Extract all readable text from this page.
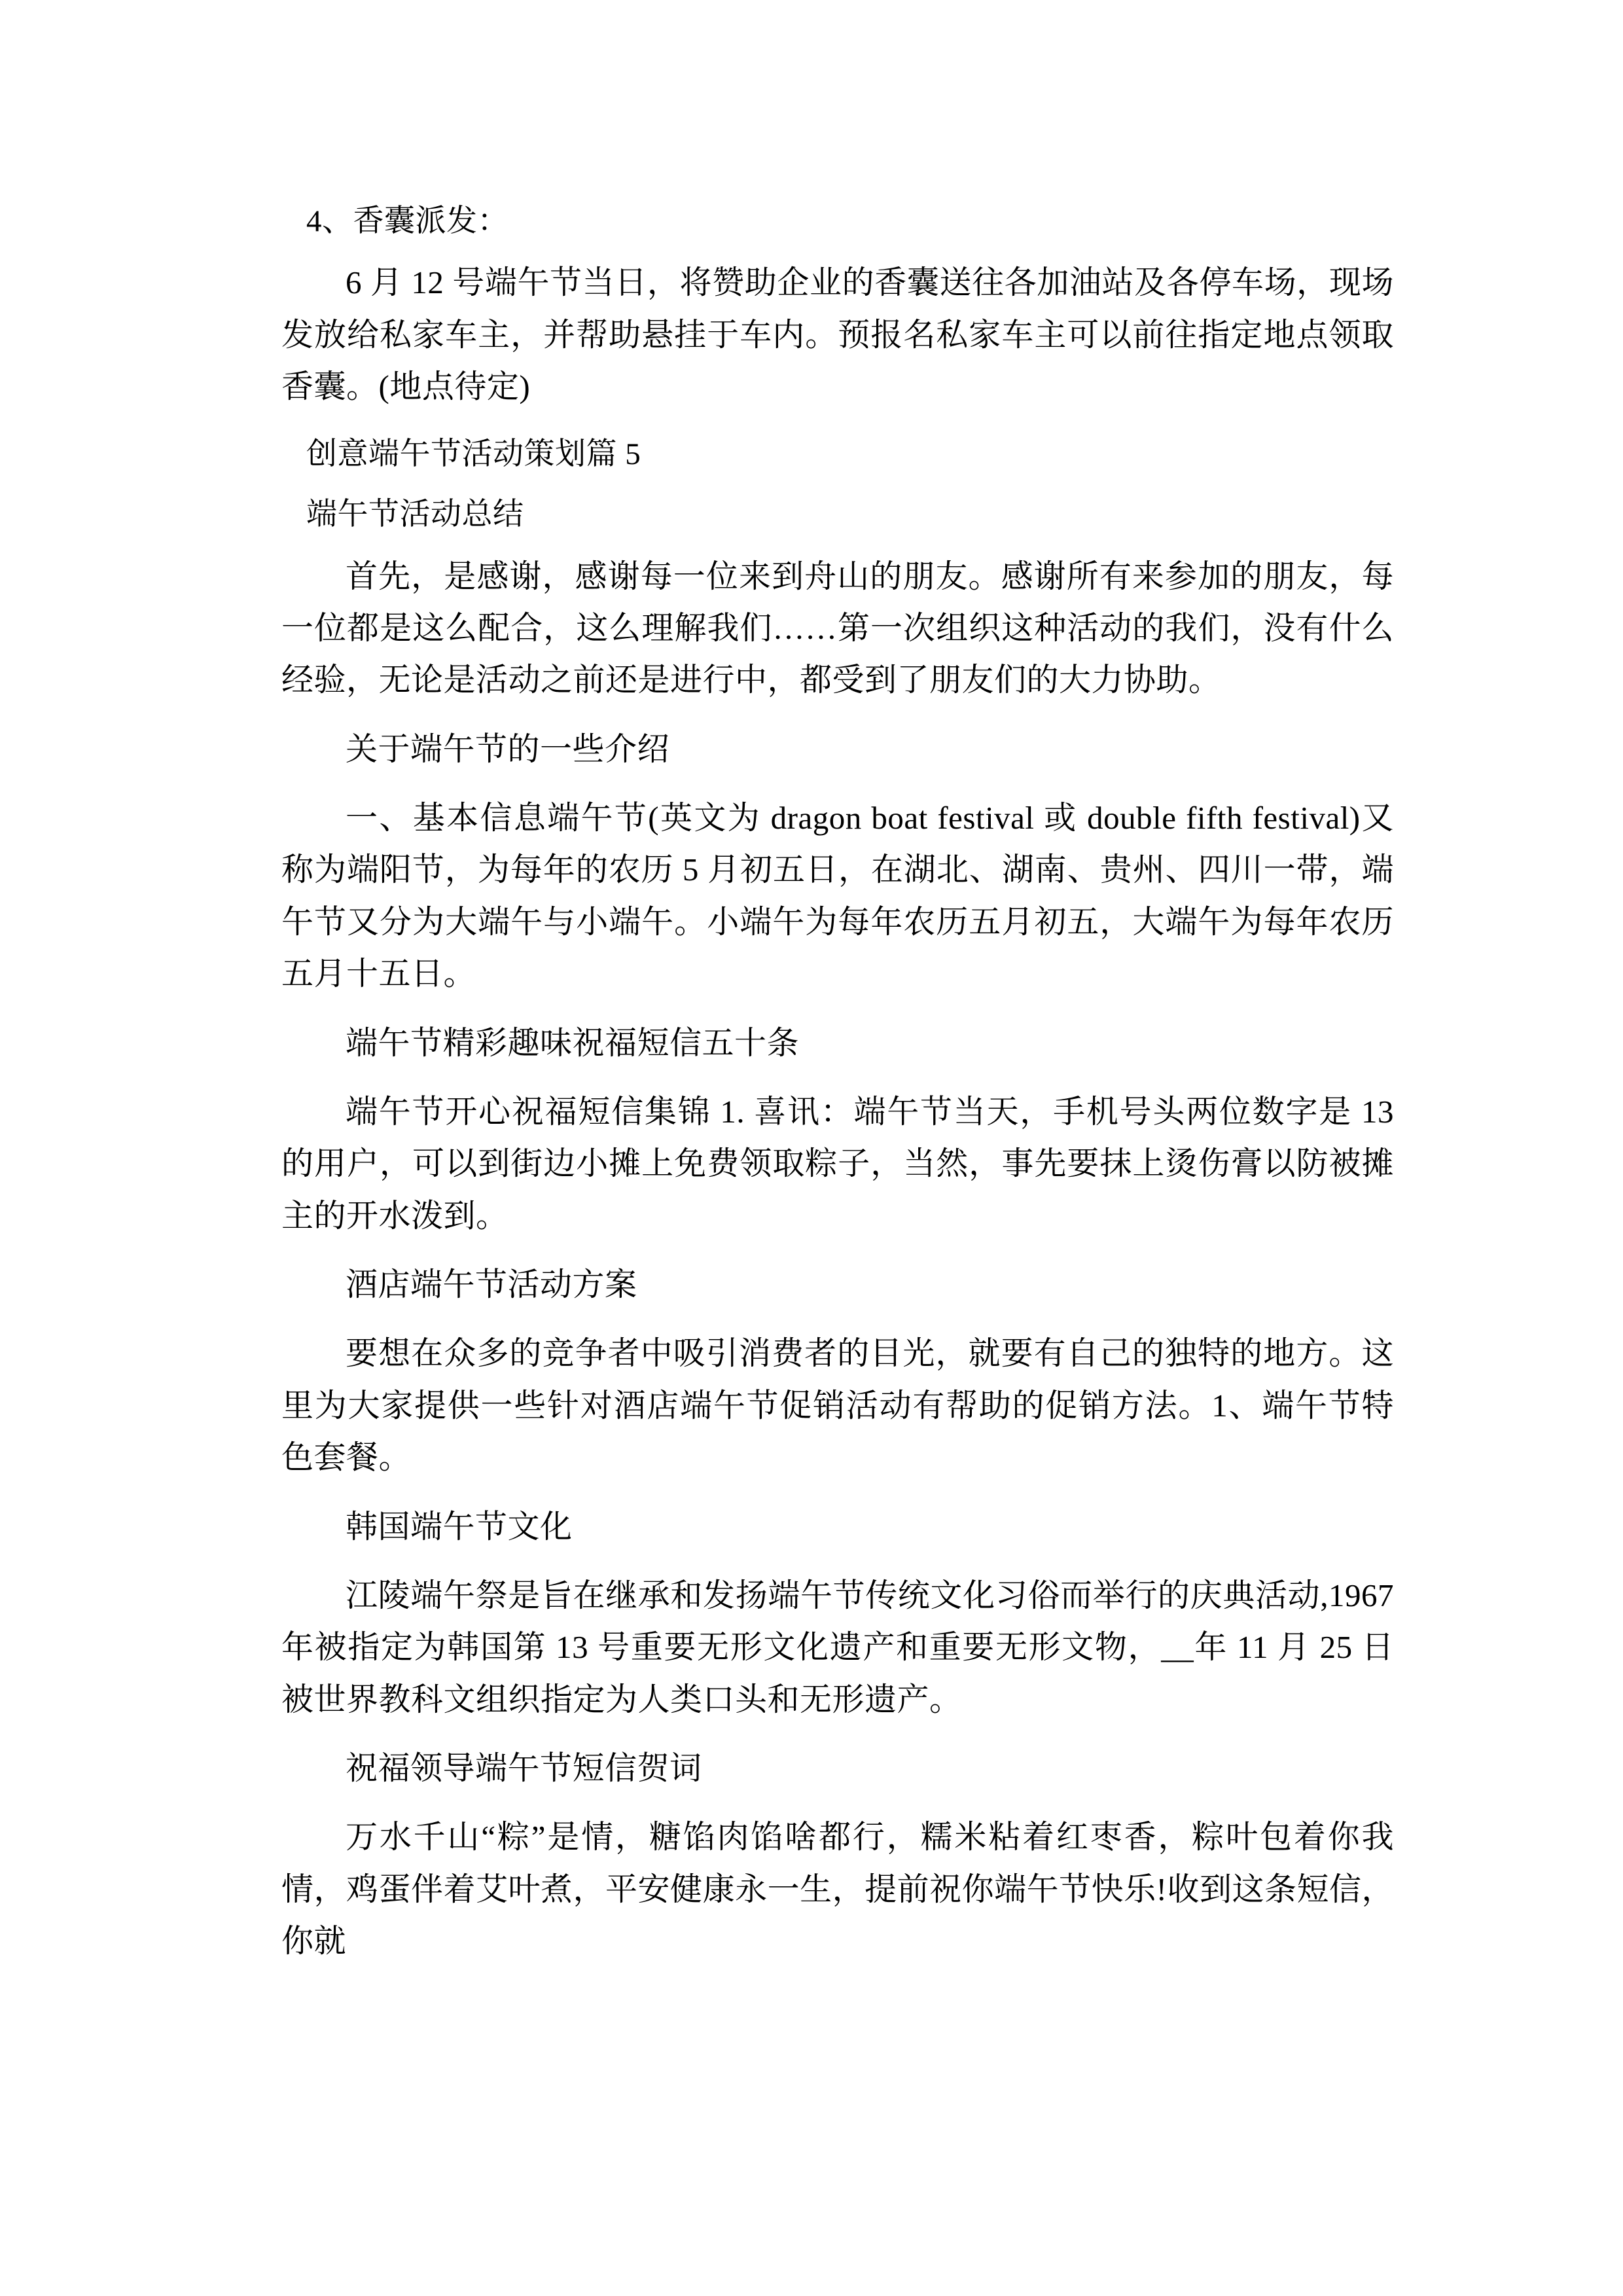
4、香囊派发：

6 月 12 号端午节当日，将赞助企业的香囊送往各加油站及各停车场，现场发放给私家车主，并帮助悬挂于车内。预报名私家车主可以前往指定地点领取香囊。(地点待定)

创意端午节活动策划篇 5

端午节活动总结

首先，是感谢，感谢每一位来到舟山的朋友。感谢所有来参加的朋友，每一位都是这么配合，这么理解我们……第一次组织这种活动的我们，没有什么经验，无论是活动之前还是进行中，都受到了朋友们的大力协助。

关于端午节的一些介绍

一、基本信息端午节(英文为 dragon boat festival 或 double fifth festival)又称为端阳节，为每年的农历 5 月初五日，在湖北、湖南、贵州、四川一带，端午节又分为大端午与小端午。小端午为每年农历五月初五，大端午为每年农历五月十五日。

端午节精彩趣味祝福短信五十条

端午节开心祝福短信集锦 1. 喜讯：端午节当天，手机号头两位数字是 13 的用户，可以到街边小摊上免费领取粽子，当然，事先要抹上烫伤膏以防被摊主的开水泼到。

酒店端午节活动方案

要想在众多的竞争者中吸引消费者的目光，就要有自己的独特的地方。这里为大家提供一些针对酒店端午节促销活动有帮助的促销方法。1、端午节特色套餐。

韩国端午节文化

江陵端午祭是旨在继承和发扬端午节传统文化习俗而举行的庆典活动,1967 年被指定为韩国第 13 号重要无形文化遗产和重要无形文物，__年 11 月 25 日被世界教科文组织指定为人类口头和无形遗产。

祝福领导端午节短信贺词

万水千山“粽”是情，糖馅肉馅啥都行，糯米粘着红枣香，粽叶包着你我情，鸡蛋伴着艾叶煮，平安健康永一生，提前祝你端午节快乐!收到这条短信，你就
